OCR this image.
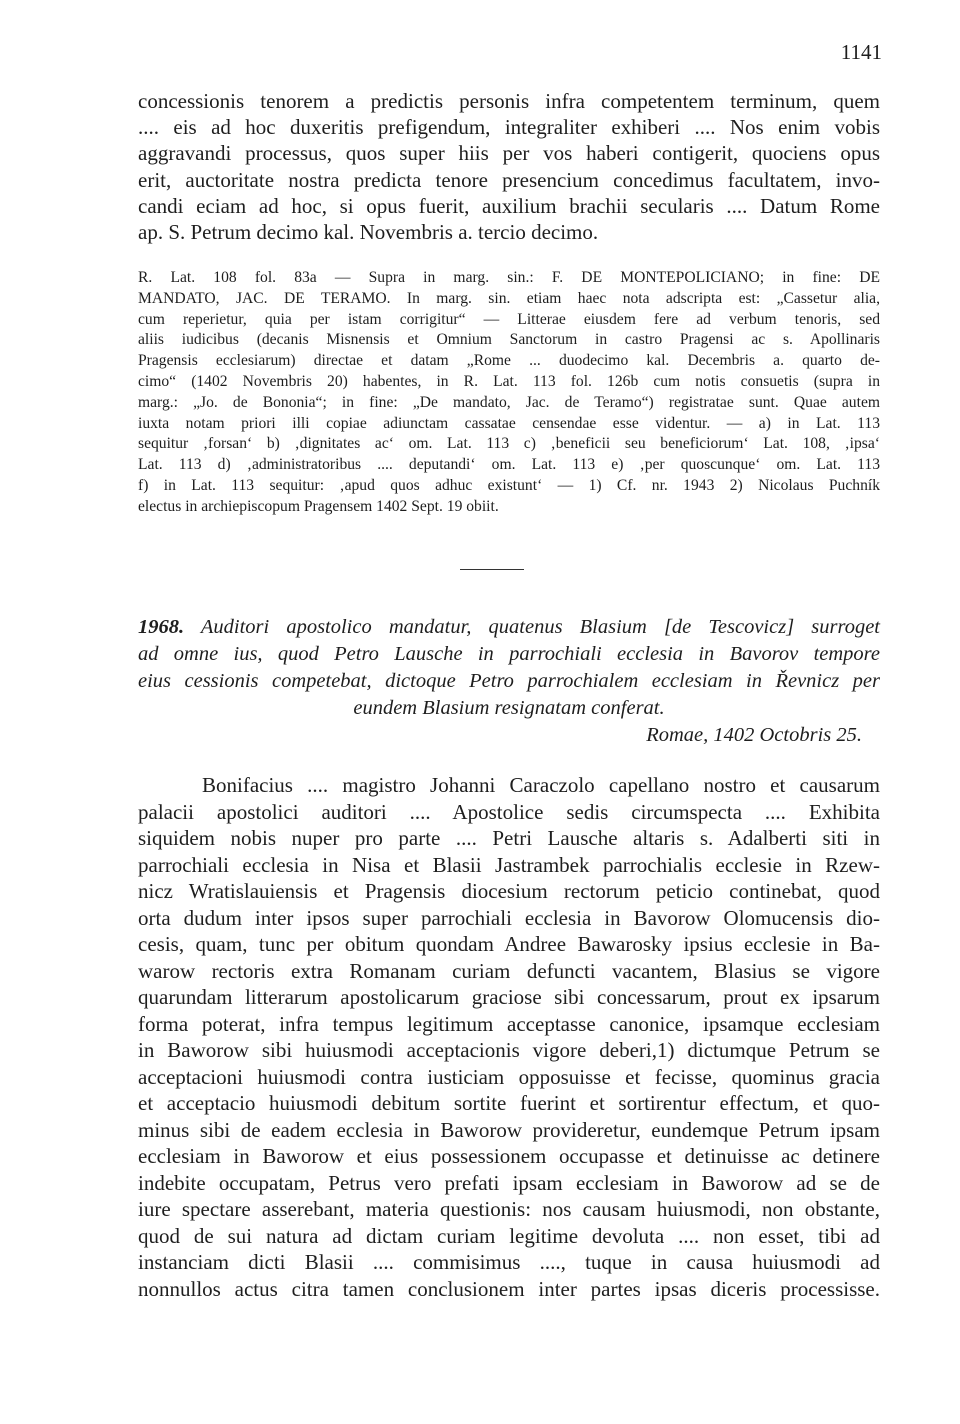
1141
concessionis tenorem a predictis personis infra competentem terminum, quem
.... eis ad hoc duxeritis prefigendum, integraliter exhiberi .... Nos enim vobis
aggravandi processus, quos super hiis per vos haberi contigerit, quociens opus
erit, auctoritate nostra predicta tenore presencium concedimus facultatem, invo-
candi eciam ad hoc, si opus fuerit, auxilium brachii secularis .... Datum Rome
ap. S. Petrum decimo kal. Novembris a. tercio decimo.
R. Lat. 108 fol. 83a — Supra in marg. sin.: F. DE MONTEPOLICIANO; in fine: DE
MANDATO, JAC. DE TERAMO. In marg. sin. etiam haec nota adscripta est: „Cassetur alia,
cum reperietur, quia per istam corrigitur“ — Litterae eiusdem fere ad verbum tenoris, sed
aliis iudicibus (decanis Misnensis et Omnium Sanctorum in castro Pragensi ac s. Apollinaris
Pragensis ecclesiarum) directae et datam „Rome ... duodecimo kal. Decembris a. quarto de-
cimo“ (1402 Novembris 20) habentes, in R. Lat. 113 fol. 126b cum notis consuetis (supra in
marg.: „Jo. de Bononia“; in fine: „De mandato, Jac. de Teramo“) registratae sunt. Quae autem
iuxta notam priori illi copiae adiunctam cassatae censendae esse videntur. — a) in Lat. 113
sequitur ‚forsan‘ b) ‚dignitates ac‘ om. Lat. 113 c) ‚beneficii seu beneficiorum‘ Lat. 108, ‚ipsa‘
Lat. 113 d) ‚administratoribus .... deputandi‘ om. Lat. 113 e) ‚per quoscunque‘ om. Lat. 113
f) in Lat. 113 sequitur: ‚apud quos adhuc existunt‘ — 1) Cf. nr. 1943 2) Nicolaus Puchník
electus in archiepiscopum Pragensem 1402 Sept. 19 obiit.
1968. Auditori apostolico mandatur, quatenus Blasium [de Tescovicz] surroget
ad omne ius, quod Petro Lausche in parrochiali ecclesia in Bavorov tempore
eius cessionis competebat, dictoque Petro parrochialem ecclesiam in Řevnicz per
eundem Blasium resignatam conferat.
Romae, 1402 Octobris 25.
Bonifacius .... magistro Johanni Caraczolo capellano nostro et causarum
palacii apostolici auditori .... Apostolice sedis circumspecta .... Exhibita
siquidem nobis nuper pro parte .... Petri Lausche altaris s. Adalberti siti in
parrochiali ecclesia in Nisa et Blasii Jastrambek parrochialis ecclesie in Rzew-
nicz Wratislauiensis et Pragensis diocesium rectorum peticio continebat, quod
orta dudum inter ipsos super parrochiali ecclesia in Bavorow Olomucensis dio-
cesis, quam, tunc per obitum quondam Andree Bawarosky ipsius ecclesie in Ba-
warow rectoris extra Romanam curiam defuncti vacantem, Blasius se vigore
quarundam litterarum apostolicarum graciose sibi concessarum, prout ex ipsarum
forma poterat, infra tempus legitimum acceptasse canonice, ipsamque ecclesiam
in Baworow sibi huiusmodi acceptacionis vigore deberi,1) dictumque Petrum se
acceptacioni huiusmodi contra iusticiam opposuisse et fecisse, quominus gracia
et acceptacio huiusmodi debitum sortite fuerint et sortirentur effectum, et quo-
minus sibi de eadem ecclesia in Baworow provideretur, eundemque Petrum ipsam
ecclesiam in Baworow et eius possessionem occupasse et detinuisse ac detinere
indebite occupatam, Petrus vero prefati ipsam ecclesiam in Baworow ad se de
iure spectare asserebant, materia questionis: nos causam huiusmodi, non obstante,
quod de sui natura ad dictam curiam legitime devoluta .... non esset, tibi ad
instanciam dicti Blasii .... commisimus ...., tuque in causa huiusmodi ad
nonnullos actus citra tamen conclusionem inter partes ipsas diceris processisse.
